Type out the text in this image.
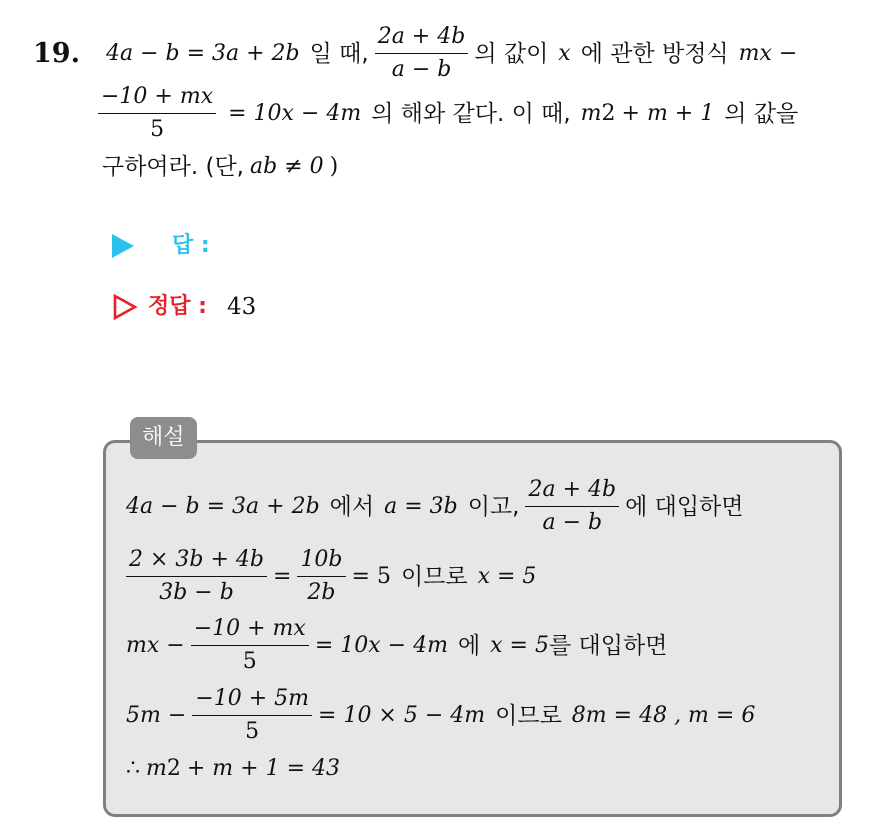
19. 4a − b = 3a + 2b 일 때, $\frac{2a + 4b}{a - b}$ 의 값이 x 에 관한 방정식 mx −
$\frac{-10 + mx}{5} = 10x - 4m$ 의 해와 같다. 이 때, m 2 + m + 1 의 값을
구하여라. (단, ab ≠ 0 )
답 :
정답 : 43
해설
4a − b = 3a + 2b 에서 a = 3b 이고, $\frac{2a + 4b}{a - b}$ 에 대입하면
$\frac{2 \times 3b + 4b}{3b - b} = \frac{10b}{2b} = 5$ 이므로 x = 5
mx − $\frac{-10 + mx}{5} = 10x - 4m$ 에 x = 5 를 대입하면
$5m - \frac{-10 + 5m}{5} = 10 \times 5 - 4m$ 이므로 8m = 48 , m = 6
∴ m 2 + m + 1 = 43
